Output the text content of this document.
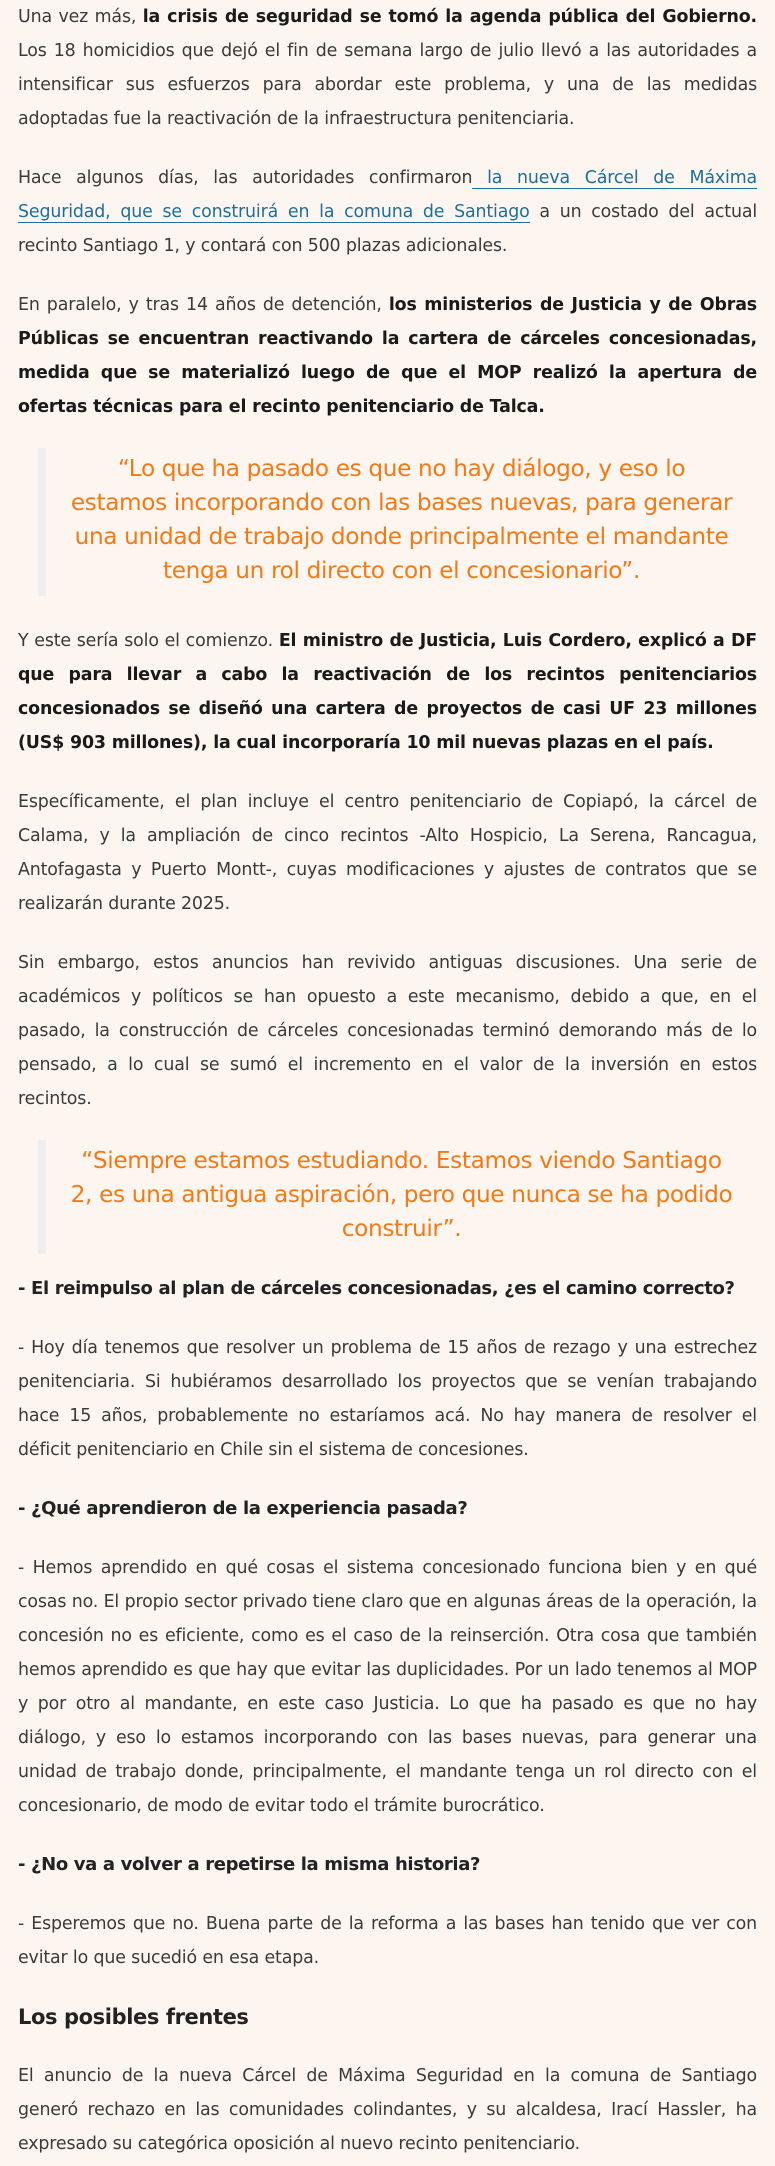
Una vez más, la crisis de seguridad se tomó la agenda pública del Gobierno. Los 18 homicidios que dejó el fin de semana largo de julio llevó a las autoridades a intensificar sus esfuerzos para abordar este problema, y una de las medidas adoptadas fue la reactivación de la infraestructura penitenciaria.

Hace algunos días, las autoridades confirmaron la nueva Cárcel de Máxima Seguridad, que se construirá en la comuna de Santiago a un costado del actual recinto Santiago 1, y contará con 500 plazas adicionales.

En paralelo, y tras 14 años de detención, los ministerios de Justicia y de Obras Públicas se encuentran reactivando la cartera de cárceles concesionadas, medida que se materializó luego de que el MOP realizó la apertura de ofertas técnicas para el recinto penitenciario de Talca.

“Lo que ha pasado es que no hay diálogo, y eso lo estamos incorporando con las bases nuevas, para generar una unidad de trabajo donde principalmente el mandante tenga un rol directo con el concesionario”.

Y este sería solo el comienzo. El ministro de Justicia, Luis Cordero, explicó a DF que para llevar a cabo la reactivación de los recintos penitenciarios concesionados se diseñó una cartera de proyectos de casi UF 23 millones (US$ 903 millones), la cual incorporaría 10 mil nuevas plazas en el país.

Específicamente, el plan incluye el centro penitenciario de Copiapó, la cárcel de Calama, y la ampliación de cinco recintos -Alto Hospicio, La Serena, Rancagua, Antofagasta y Puerto Montt-, cuyas modificaciones y ajustes de contratos que se realizarán durante 2025.

Sin embargo, estos anuncios han revivido antiguas discusiones. Una serie de académicos y políticos se han opuesto a este mecanismo, debido a que, en el pasado, la construcción de cárceles concesionadas terminó demorando más de lo pensado, a lo cual se sumó el incremento en el valor de la inversión en estos recintos.

“Siempre estamos estudiando. Estamos viendo Santiago 2, es una antigua aspiración, pero que nunca se ha podido construir”.

- El reimpulso al plan de cárceles concesionadas, ¿es el camino correcto?

- Hoy día tenemos que resolver un problema de 15 años de rezago y una estrechez penitenciaria. Si hubiéramos desarrollado los proyectos que se venían trabajando hace 15 años, probablemente no estaríamos acá. No hay manera de resolver el déficit penitenciario en Chile sin el sistema de concesiones.

- ¿Qué aprendieron de la experiencia pasada?

- Hemos aprendido en qué cosas el sistema concesionado funciona bien y en qué cosas no. El propio sector privado tiene claro que en algunas áreas de la operación, la concesión no es eficiente, como es el caso de la reinserción. Otra cosa que también hemos aprendido es que hay que evitar las duplicidades. Por un lado tenemos al MOP y por otro al mandante, en este caso Justicia. Lo que ha pasado es que no hay diálogo, y eso lo estamos incorporando con las bases nuevas, para generar una unidad de trabajo donde, principalmente, el mandante tenga un rol directo con el concesionario, de modo de evitar todo el trámite burocrático.

- ¿No va a volver a repetirse la misma historia?

- Esperemos que no. Buena parte de la reforma a las bases han tenido que ver con evitar lo que sucedió en esa etapa.

Los posibles frentes

El anuncio de la nueva Cárcel de Máxima Seguridad en la comuna de Santiago generó rechazo en las comunidades colindantes, y su alcaldesa, Irací Hassler, ha expresado su categórica oposición al nuevo recinto penitenciario.
